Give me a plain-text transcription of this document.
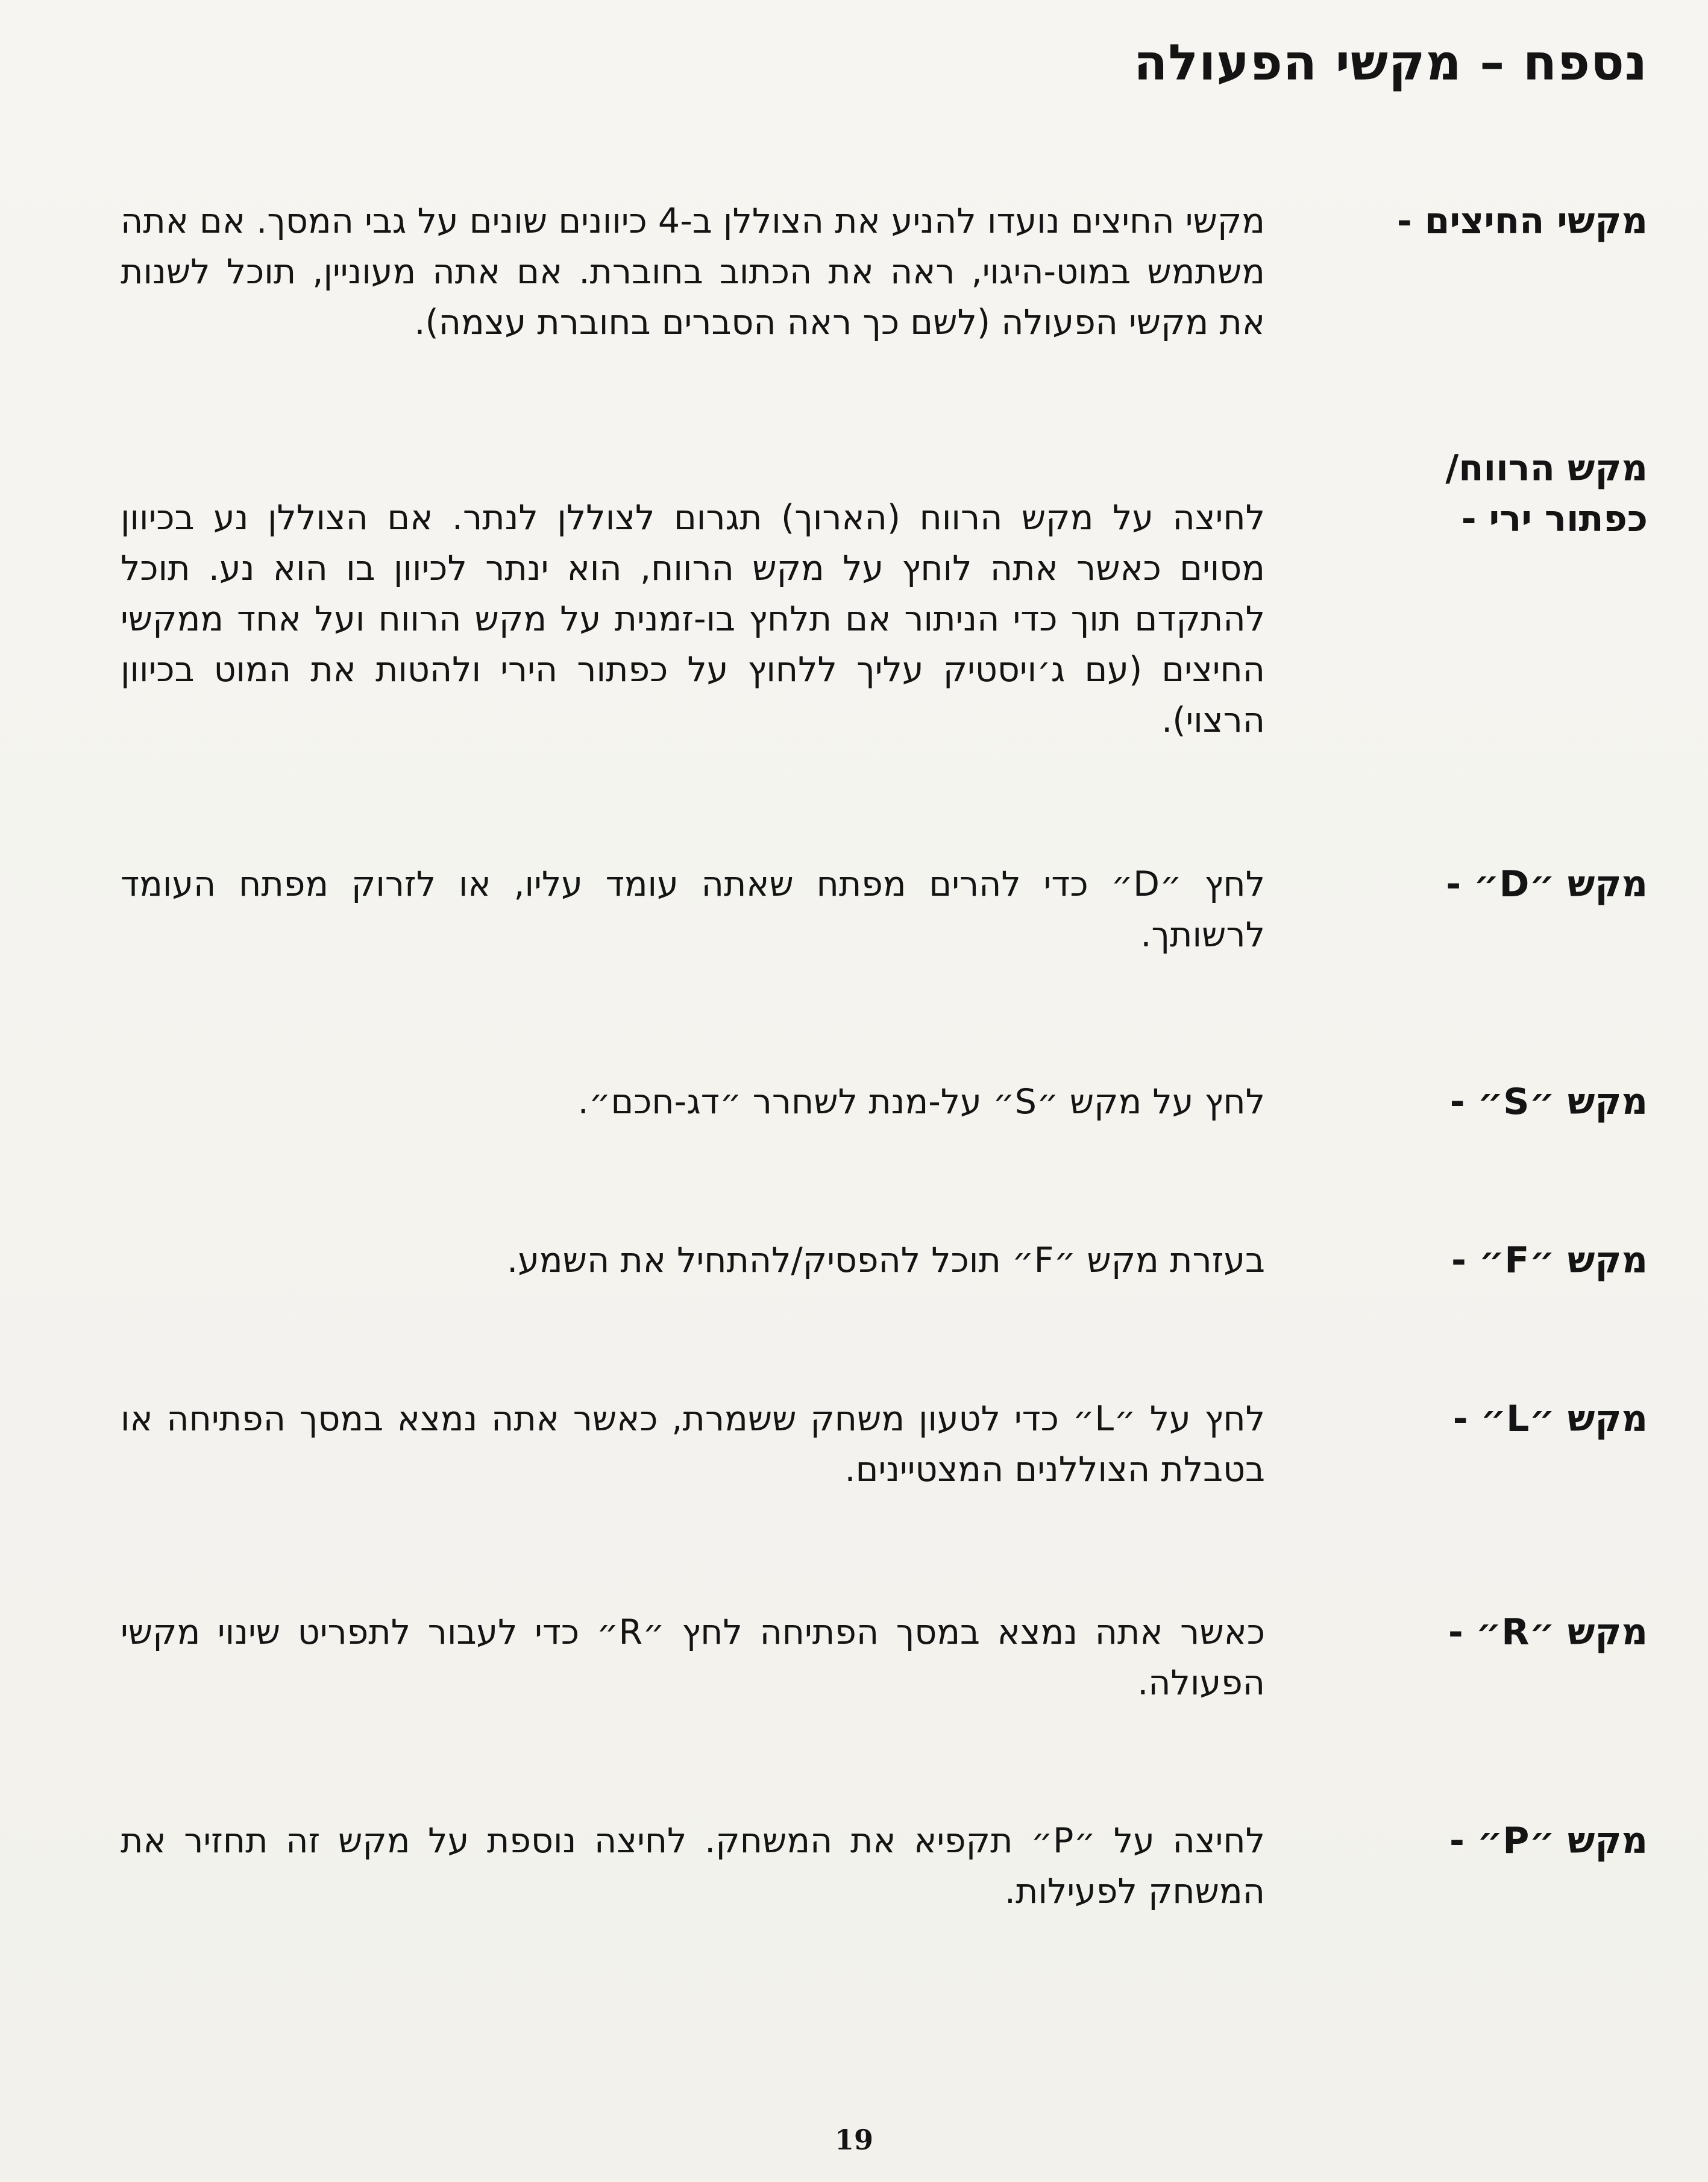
נספח – מקשי הפעולה
מקשי החיצים -

מקשי החיצים נועדו להניע את הצוללן ב-4 כיוונים שונים על גבי המסך. אם אתה משתמש במוט-היגוי, ראה את הכתוב בחוברת. אם אתה מעוניין, תוכל לשנות את מקשי הפעולה (לשם כך ראה הסברים בחוברת עצמה).

מקש הרווח/
כפתור ירי -

לחיצה על מקש הרווח (הארוך) תגרום לצוללן לנתר. אם הצוללן נע בכיוון מסוים כאשר אתה לוחץ על מקש הרווח, הוא ינתר לכיוון בו הוא נע. תוכל להתקדם תוך כדי הניתור אם תלחץ בו-זמנית על מקש הרווח ועל אחד ממקשי החיצים (עם ג׳ויסטיק עליך ללחוץ על כפתור הירי ולהטות את המוט בכיוון הרצוי).

מקש ״D״ -

לחץ ״D״ כדי להרים מפתח שאתה עומד עליו, או לזרוק מפתח העומד לרשותך.

מקש ״S״ -

לחץ על מקש ״S״ על-מנת לשחרר ״דג-חכם״.

מקש ״F״ -

בעזרת מקש ״F״ תוכל להפסיק/להתחיל את השמע.

מקש ״L״ -

לחץ על ״L״ כדי לטעון משחק ששמרת, כאשר אתה נמצא במסך הפתיחה או בטבלת הצוללנים המצטיינים.

מקש ״R״ -

כאשר אתה נמצא במסך הפתיחה לחץ ״R״ כדי לעבור לתפריט שינוי מקשי הפעולה.

מקש ״P״ -

לחיצה על ״P״ תקפיא את המשחק. לחיצה נוספת על מקש זה תחזיר את המשחק לפעילות.

19
